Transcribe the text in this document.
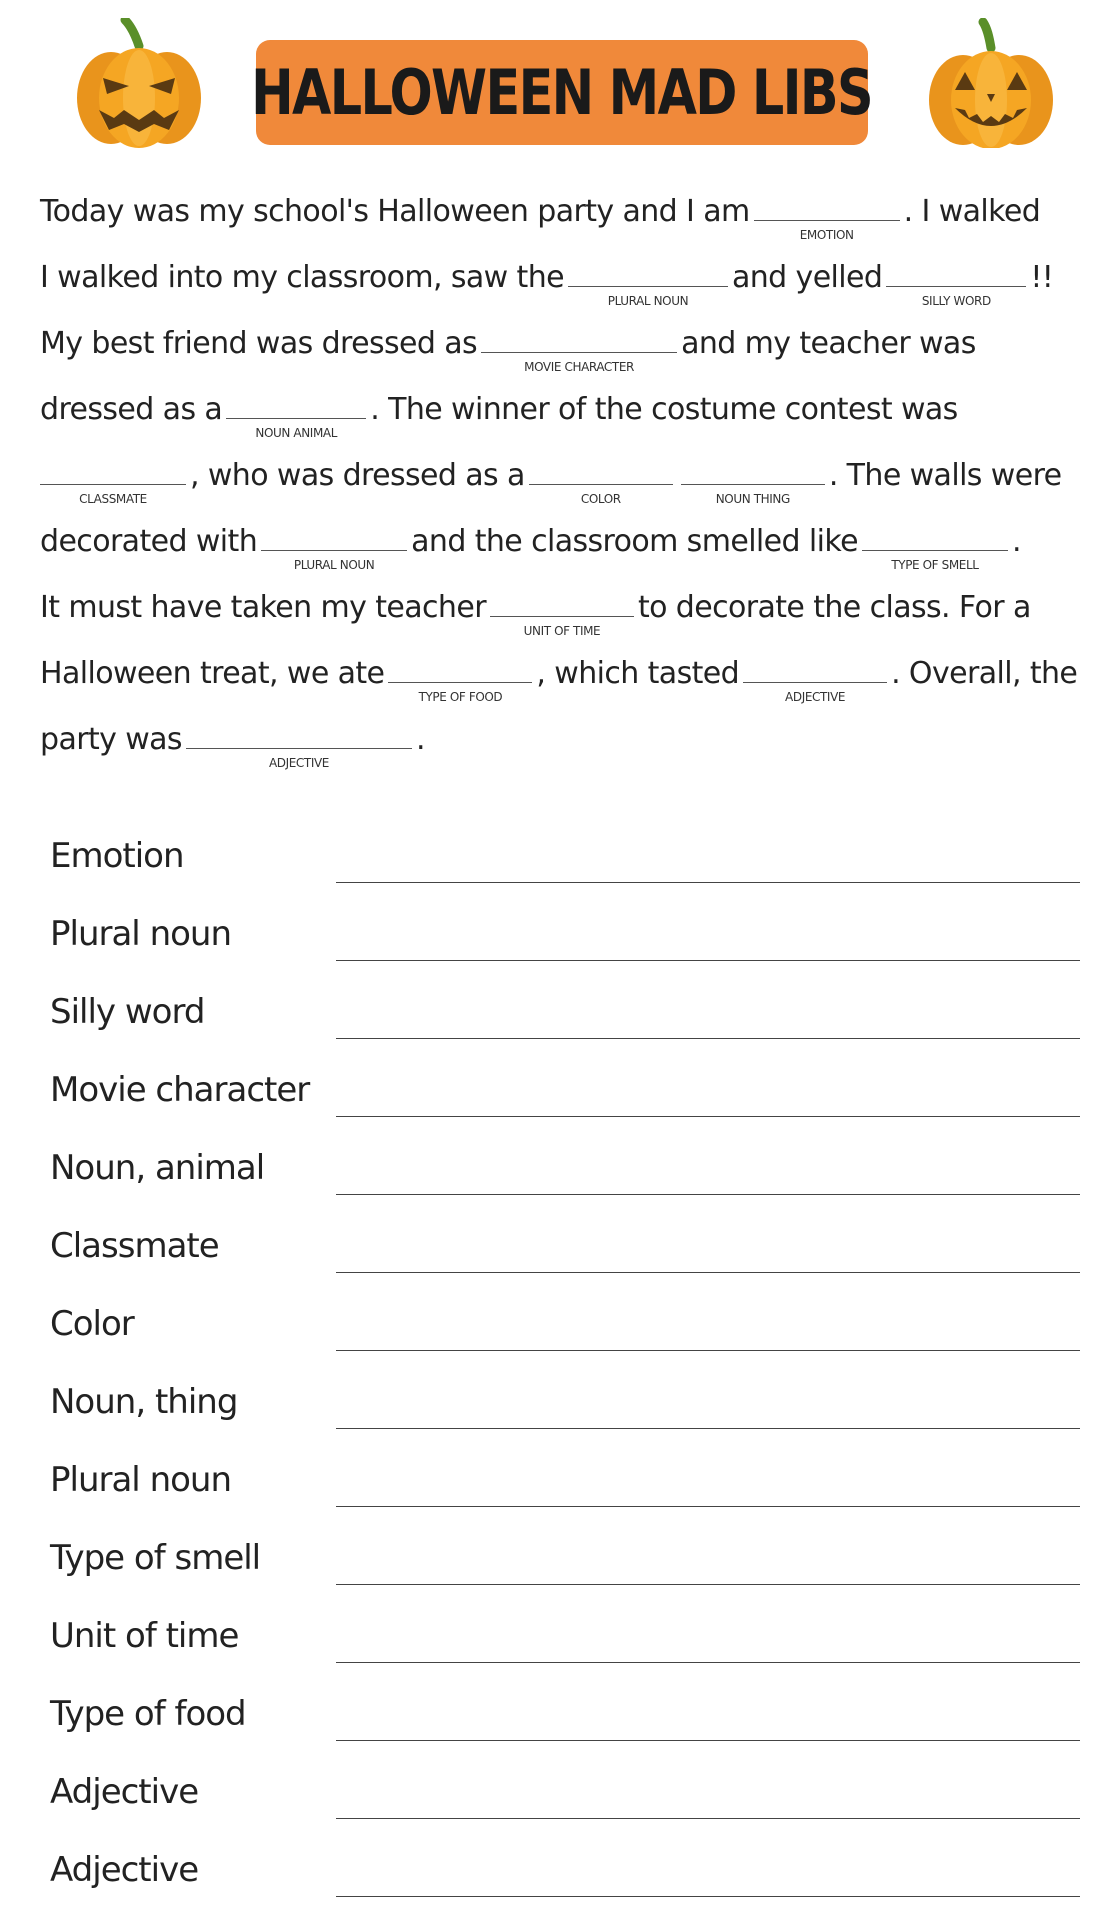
HALLOWEEN MAD LIBS
Today was my school's Halloween party and I am
EMOTION
. I walked
I walked into my classroom, saw the
PLURAL NOUN
and yelled
SILLY WORD
!!
My best friend was dressed as
MOVIE CHARACTER
and my teacher was
dressed as a
NOUN ANIMAL
. The winner of the costume contest was
CLASSMATE
, who was dressed as a
COLOR	NOUN THING
. The walls were
decorated with
PLURAL NOUN
and the classroom smelled like
TYPE OF SMELL
.
It must have taken my teacher
UNIT OF TIME
to decorate the class. For a
Halloween treat, we ate
TYPE OF FOOD
, which tasted
ADJECTIVE
. Overall, the
party was
ADJECTIVE
.
Emotion
Plural noun
Silly word
Movie character
Noun, animal
Classmate
Color
Noun, thing
Plural noun
Type of smell
Unit of time
Type of food
Adjective
Adjective
